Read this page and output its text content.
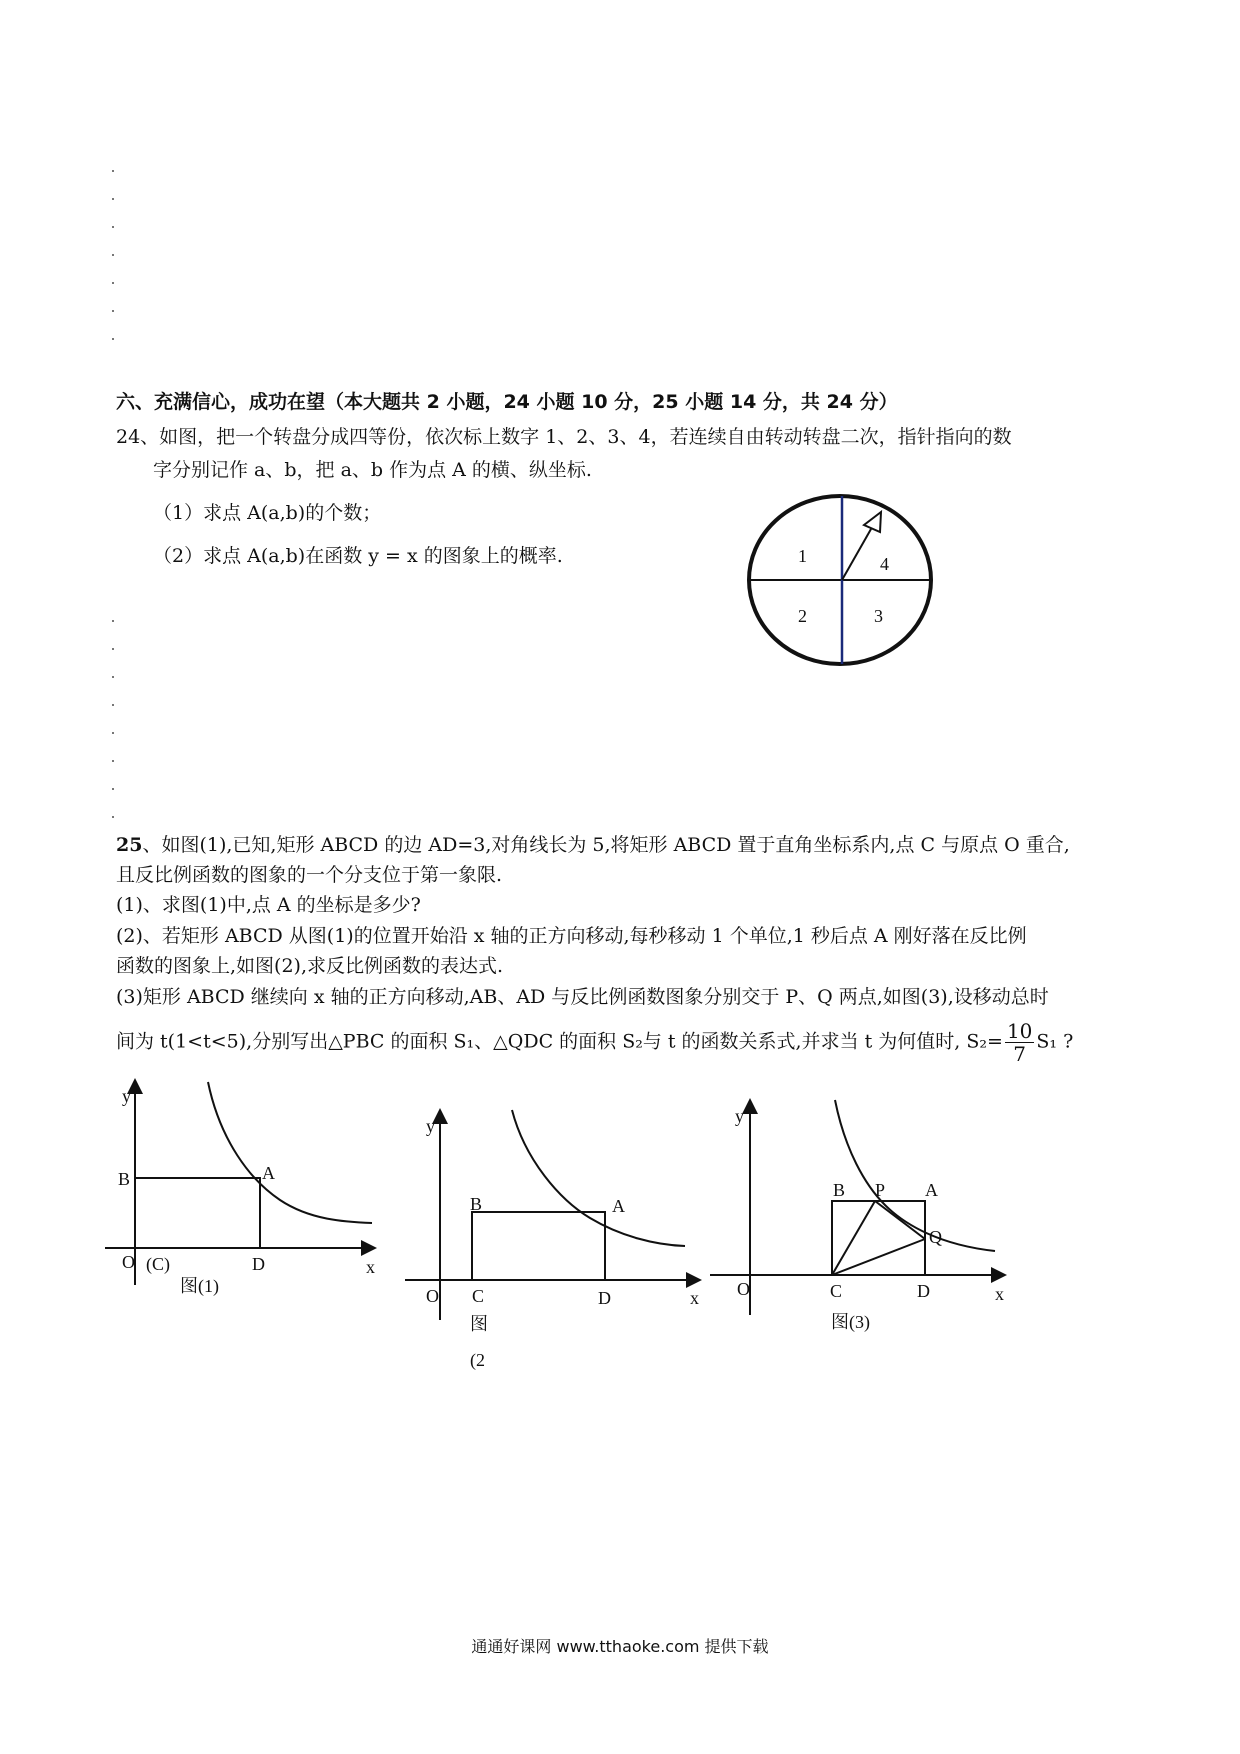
六、充满信心，成功在望（本大题共 2 小题，24 小题 10 分，25 小题 14 分，共 24 分）
24、如图，把一个转盘分成四等份，依次标上数字 1、2、3、4，若连续自由转动转盘二次，指针指向的数
字分别记作 a、b，把 a、b 作为点 A 的横、纵坐标.
（1）求点 A(a,b)的个数；
（2）求点 A(a,b)在函数 y = x 的图象上的概率.	1	4
2	3
25、如图(1),已知,矩形 ABCD 的边 AD=3,对角线长为 5,将矩形 ABCD 置于直角坐标系内,点 C 与原点 O 重合,
且反比例函数的图象的一个分支位于第一象限.
(1)、求图(1)中,点 A 的坐标是多少?
(2)、若矩形 ABCD 从图(1)的位置开始沿 x 轴的正方向移动,每秒移动 1 个单位,1 秒后点 A 刚好落在反比例
函数的图象上,如图(2),求反比例函数的表达式.
(3)矩形 ABCD 继续向 x 轴的正方向移动,AB、AD 与反比例函数图象分别交于 P、Q 两点,如图(3),设移动总时
间为 t(1<t<5),分别写出△PBC 的面积 S₁、△QDC 的面积 S₂与 t 的函数关系式,并求当 t 为何值时, $S_2= \frac{10}{7} S_1$ ?
y
x
B	A
O (C)	D
图(1)
y
x
B	A
O C	D
图
(2
y
x
B P A
Q
O	C	D
图(3)
通通好课网 www.tthaoke.com 提供下载
